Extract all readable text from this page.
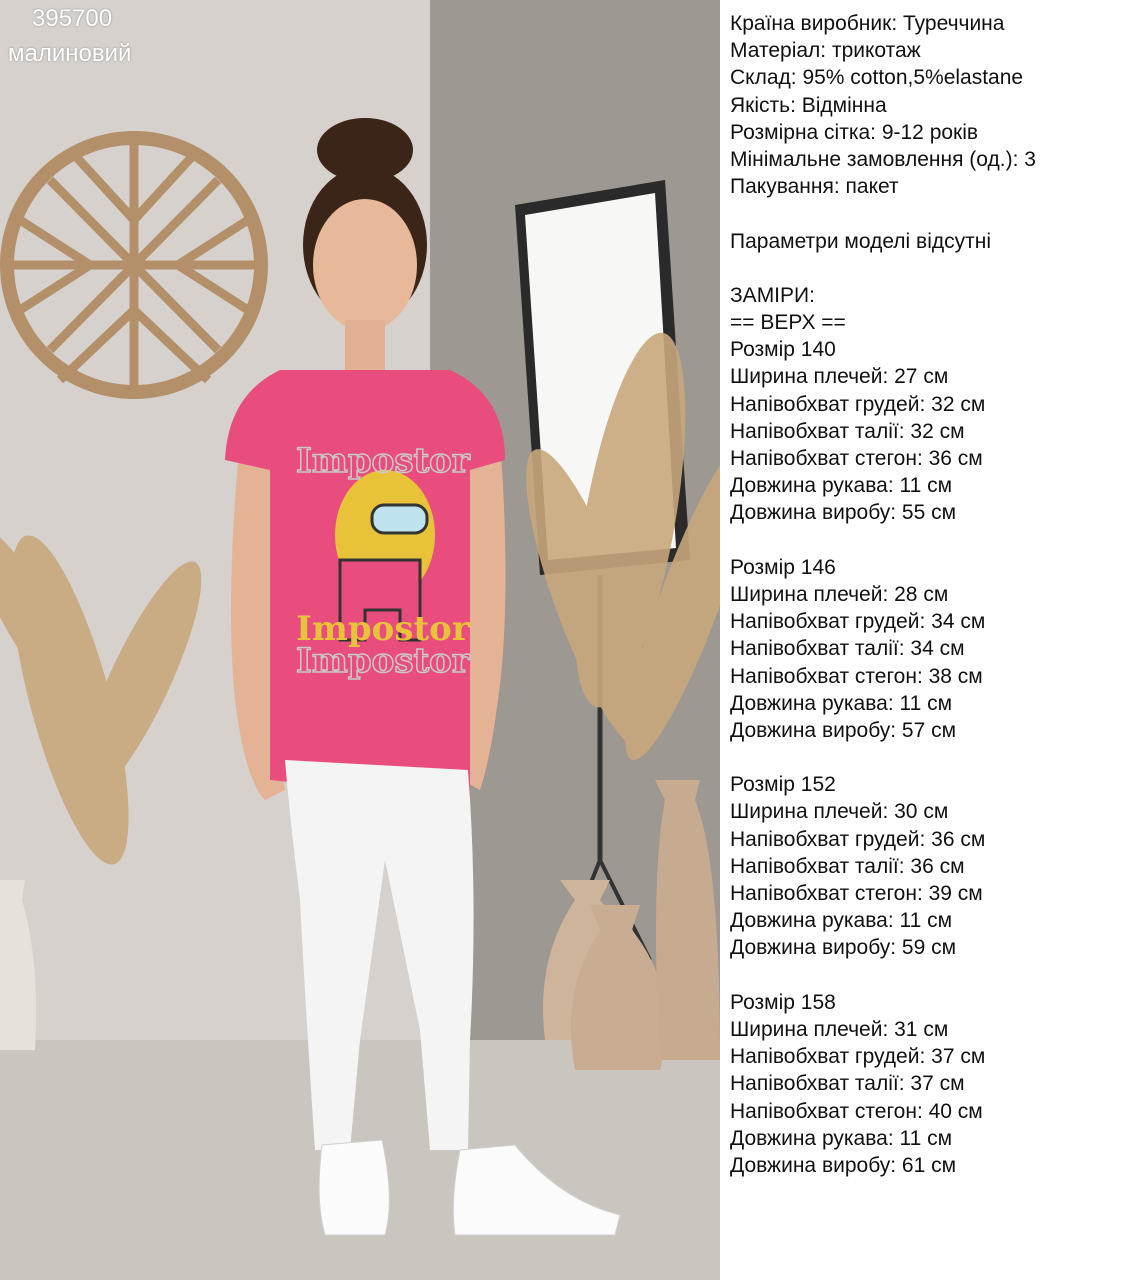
Impostor
Impostor
Impostor
395700
малиновий
Країна виробник: Туреччина
Матеріал: трикотаж
Склад: 95% cotton,5%elastane
Якість: Відмінна
Розмірна сітка: 9-12 років
Мінімальне замовлення (од.): 3
Пакування: пакет
Параметри моделі відсутні
ЗАМІРИ:
== ВЕРХ ==
Розмір 140
Ширина плечей: 27 см
Напівобхват грудей: 32 см
Напівобхват талії: 32 см
Напівобхват стегон: 36 см
Довжина рукава: 11 см
Довжина виробу: 55 см
Розмір 146
Ширина плечей: 28 см
Напівобхват грудей: 34 см
Напівобхват талії: 34 см
Напівобхват стегон: 38 см
Довжина рукава: 11 см
Довжина виробу: 57 см
Розмір 152
Ширина плечей: 30 см
Напівобхват грудей: 36 см
Напівобхват талії: 36 см
Напівобхват стегон: 39 см
Довжина рукава: 11 см
Довжина виробу: 59 см
Розмір 158
Ширина плечей: 31 см
Напівобхват грудей: 37 см
Напівобхват талії: 37 см
Напівобхват стегон: 40 см
Довжина рукава: 11 см
Довжина виробу: 61 см
